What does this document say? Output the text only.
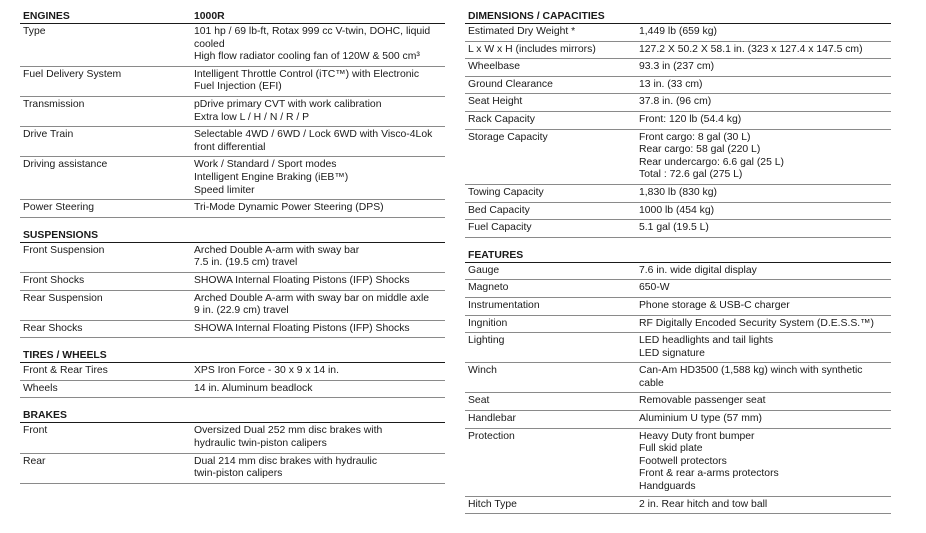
ENGINES	1000R
Type	101 hp / 69 lb-ft, Rotax 999 cc V-twin, DOHC, liquid
cooled
High flow radiator cooling fan of 120W & 500 cm³
Fuel Delivery System	Intelligent Throttle Control (iTC™) with Electronic
Fuel Injection (EFI)
Transmission	pDrive primary CVT with work calibration
Extra low L / H / N / R / P
Drive Train	Selectable 4WD / 6WD / Lock 6WD with Visco-4Lok
front differential
Driving assistance	Work / Standard / Sport modes
Intelligent Engine Braking (iEB™)
Speed limiter
Power Steering	Tri-Mode Dynamic Power Steering (DPS)
SUSPENSIONS
Front Suspension	Arched Double A-arm with sway bar
7.5 in. (19.5 cm) travel
Front Shocks	SHOWA Internal Floating Pistons (IFP) Shocks
Rear Suspension	Arched Double A-arm with sway bar on middle axle
9 in. (22.9 cm) travel
Rear Shocks	SHOWA Internal Floating Pistons (IFP) Shocks
TIRES / WHEELS
Front & Rear Tires	XPS Iron Force - 30 x 9 x 14 in.
Wheels	14 in. Aluminum beadlock
BRAKES
Front	Oversized Dual 252 mm disc brakes with
hydraulic twin-piston calipers
Rear	Dual 214 mm disc brakes with hydraulic
twin-piston calipers
DIMENSIONS / CAPACITIES
Estimated Dry Weight *	1,449 lb (659 kg)
L x W x H (includes mirrors)	127.2 X 50.2 X 58.1 in. (323 x 127.4 x 147.5 cm)
Wheelbase	93.3 in (237 cm)
Ground Clearance	13 in. (33 cm)
Seat Height	37.8 in. (96 cm)
Rack Capacity	Front: 120 lb (54.4 kg)
Storage Capacity	Front cargo: 8 gal (30 L)
Rear cargo: 58 gal (220 L)
Rear undercargo: 6.6 gal (25 L)
Total : 72.6 gal (275 L)
Towing Capacity	1,830 lb (830 kg)
Bed Capacity	1000 lb (454 kg)
Fuel Capacity	5.1 gal (19.5 L)
FEATURES
Gauge	7.6 in. wide digital display
Magneto	650-W
Instrumentation	Phone storage & USB-C charger
Ingnition	RF Digitally Encoded Security System (D.E.S.S.™)
Lighting	LED headlights and tail lights
LED signature
Winch	Can-Am HD3500 (1,588 kg) winch with synthetic
cable
Seat	Removable passenger seat
Handlebar	Aluminium U type (57 mm)
Protection	Heavy Duty front bumper
Full skid plate
Footwell protectors
Front & rear a-arms protectors
Handguards
Hitch Type	2 in. Rear hitch and tow ball
